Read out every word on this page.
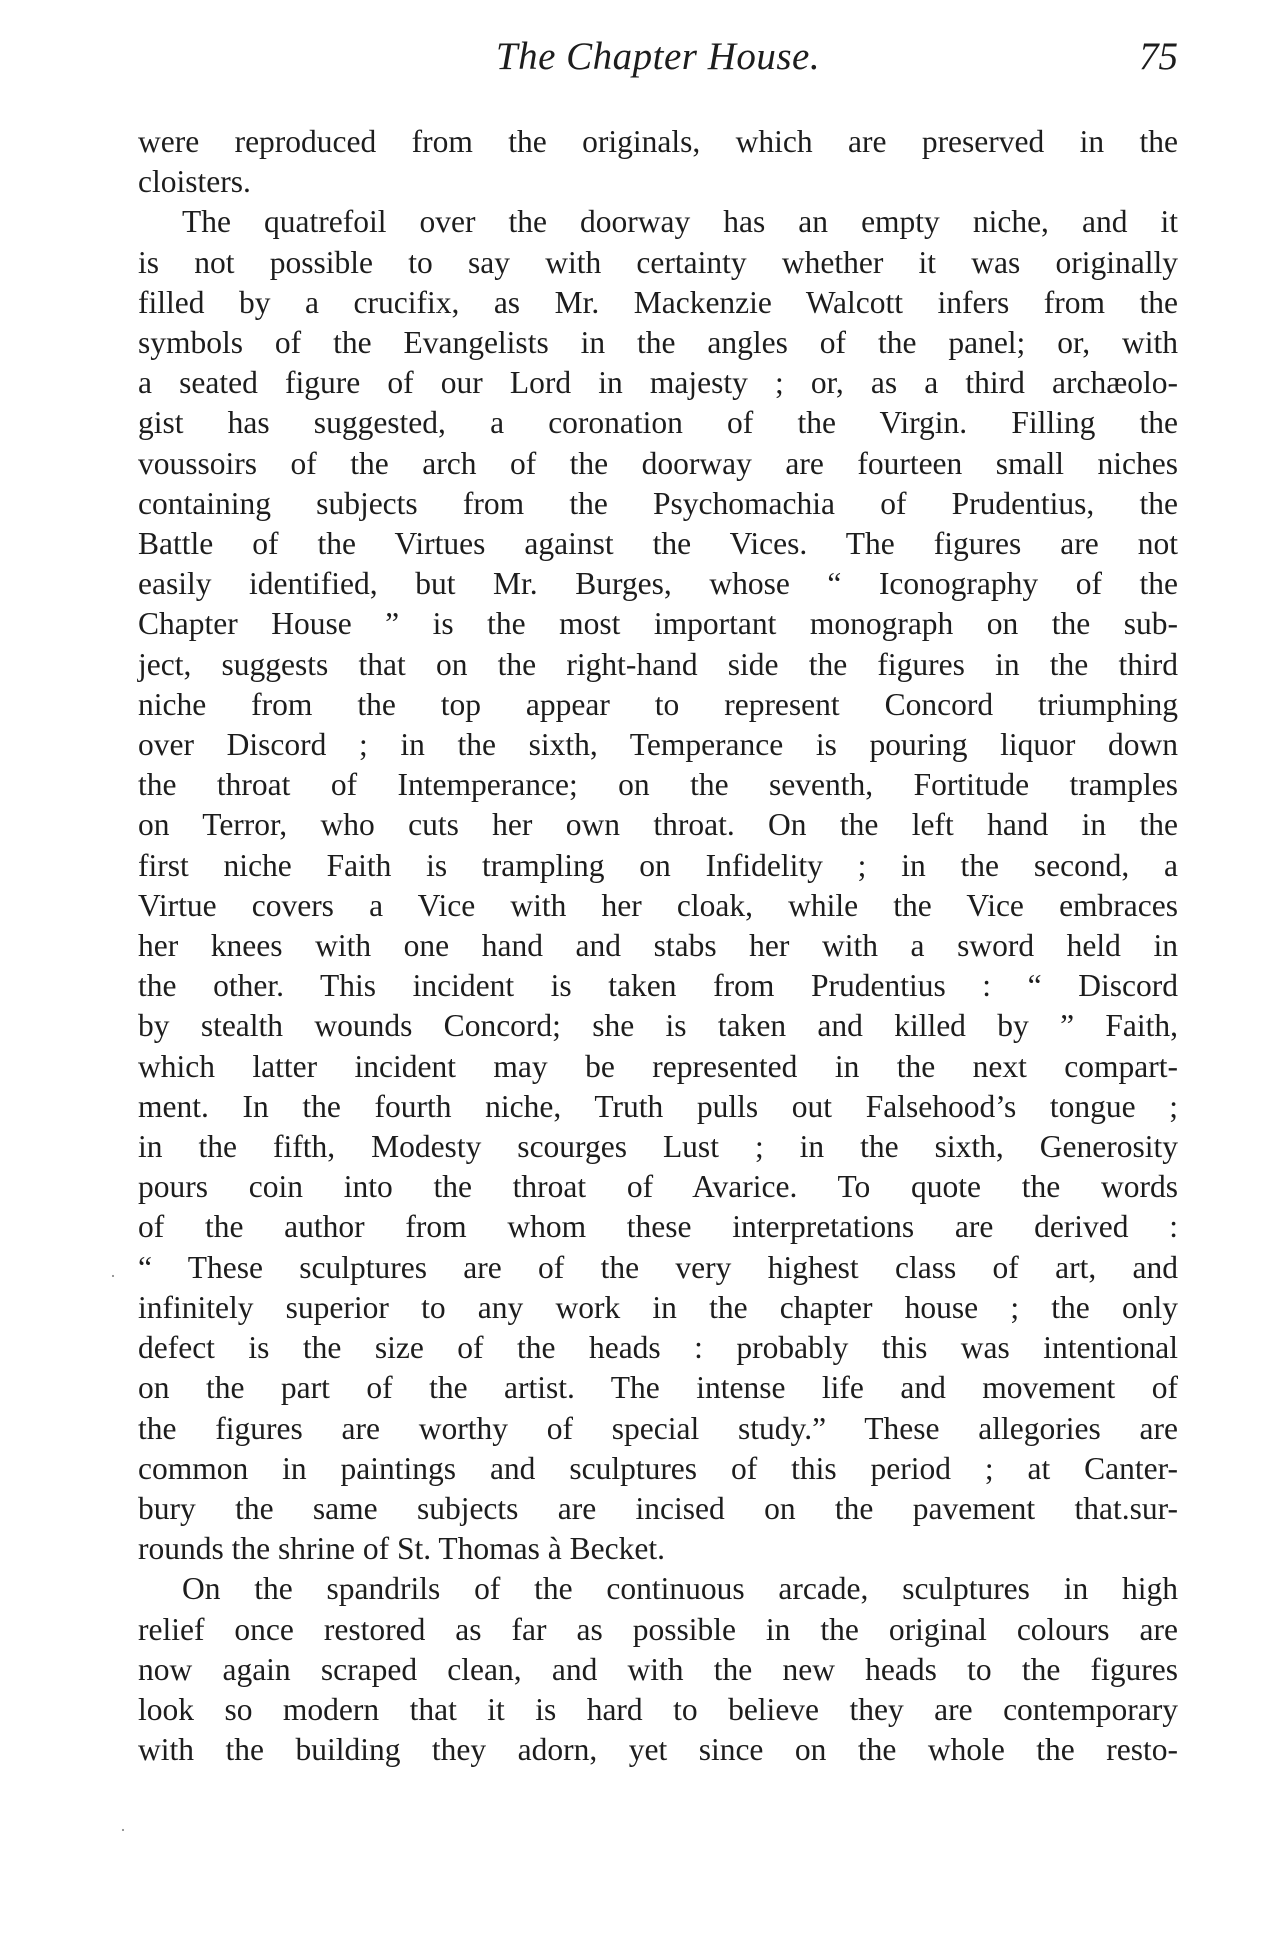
The Chapter House.	75

were reproduced from the originals, which are preserved in the
cloisters.

The quatrefoil over the doorway has an empty niche, and it
is not possible to say with certainty whether it was originally
filled by a crucifix, as Mr. Mackenzie Walcott infers from the
symbols of the Evangelists in the angles of the panel; or, with
a seated figure of our Lord in majesty ; or, as a third archæolo-
gist has suggested, a coronation of the Virgin. Filling the
voussoirs of the arch of the doorway are fourteen small niches
containing subjects from the Psychomachia of Prudentius, the
Battle of the Virtues against the Vices. The figures are not
easily identified, but Mr. Burges, whose “ Iconography of the
Chapter House ” is the most important monograph on the sub-
ject, suggests that on the right-hand side the figures in the third
niche from the top appear to represent Concord triumphing
over Discord ; in the sixth, Temperance is pouring liquor down
the throat of Intemperance; on the seventh, Fortitude tramples
on Terror, who cuts her own throat. On the left hand in the
first niche Faith is trampling on Infidelity ; in the second, a
Virtue covers a Vice with her cloak, while the Vice embraces
her knees with one hand and stabs her with a sword held in
the other. This incident is taken from Prudentius : “ Discord
by stealth wounds Concord; she is taken and killed by ” Faith,
which latter incident may be represented in the next compart-
ment. In the fourth niche, Truth pulls out Falsehood’s tongue ;
in the fifth, Modesty scourges Lust ; in the sixth, Generosity
pours coin into the throat of Avarice. To quote the words
of the author from whom these interpretations are derived :
“ These sculptures are of the very highest class of art, and
infinitely superior to any work in the chapter house ; the only
defect is the size of the heads : probably this was intentional
on the part of the artist. The intense life and movement of
the figures are worthy of special study.” These allegories are
common in paintings and sculptures of this period ; at Canter-
bury the same subjects are incised on the pavement that.sur-
rounds the shrine of St. Thomas à Becket.

On the spandrils of the continuous arcade, sculptures in high
relief once restored as far as possible in the original colours are
now again scraped clean, and with the new heads to the figures
look so modern that it is hard to believe they are contemporary
with the building they adorn, yet since on the whole the resto-

·
·
